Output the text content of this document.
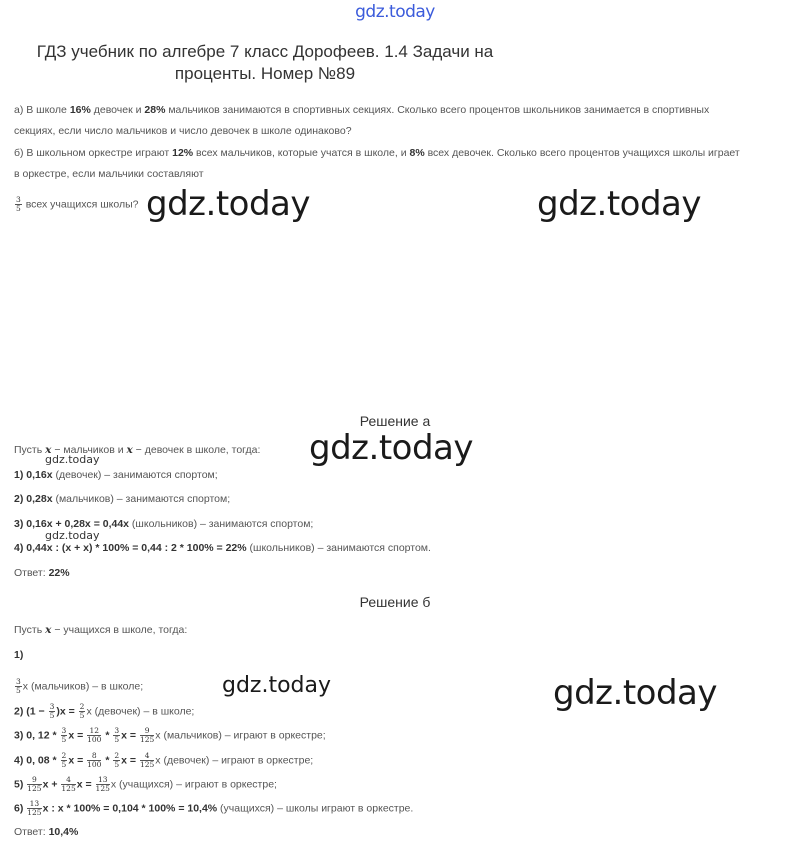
gdz.today
ГДЗ учебник по алгебре 7 класс Дорофеев. 1.4 Задачи на
проценты. Номер №89
а) В школе 16% девочек и 28% мальчиков занимаются в спортивных секциях. Сколько всего процентов школьников занимается в спортивных
секциях, если число мальчиков и число девочек в школе одинаково?
б) В школьном оркестре играют 12% всех мальчиков, которые учатся в школе, и 8% всех девочек. Сколько всего процентов учащихся школы играет
в оркестре, если мальчики составляют
$\frac{3}{5}$ всех учащихся школы? gdz.today	gdz.today
Решение а
gdz.today
Пусть x − мальчиков и x − девочек в школе, тогда:
gdz.today
1) 0,16x (девочек) – занимаются спортом;
2) 0,28x (мальчиков) – занимаются спортом;
3) 0,16x + 0,28x = 0,44x (школьников) – занимаются спортом;
gdz.today
4) 0,44x : (x + x) * 100% = 0,44 : 2 * 100% = 22% (школьников) – занимаются спортом.
Ответ: 22%
Решение б
Пусть x − учащихся в школе, тогда:
1)
gdz.today	gdz.today
$\frac{3}{5}$ x (мальчиков) – в школе;
2) $(1 - \frac{3}{5} )x = \frac{2}{5}$ x (девочек) – в школе;
3) 0, $12 * \frac{3}{5}$ $x = \frac{12}{100} * \frac{3}{5}$ $x = \frac{9}{125}$ x (мальчиков) – играют в оркестре;
4) 0, $08 * \frac{2}{5}$ $x = \frac{8}{100} * \frac{2}{5}$ $x = \frac{4}{125}$ x (девочек) – играют в оркестре;
$5) \frac{9}{125}$ $x + \frac{4}{125}$ $x = \frac{13}{125}$ x (учащихся) – играют в оркестре;
$6) \frac{13}{125}$ x : x * 100% = 0,104 * 100% = 10,4% (учащихся) – школы играют в оркестре.
Ответ: 10,4%
